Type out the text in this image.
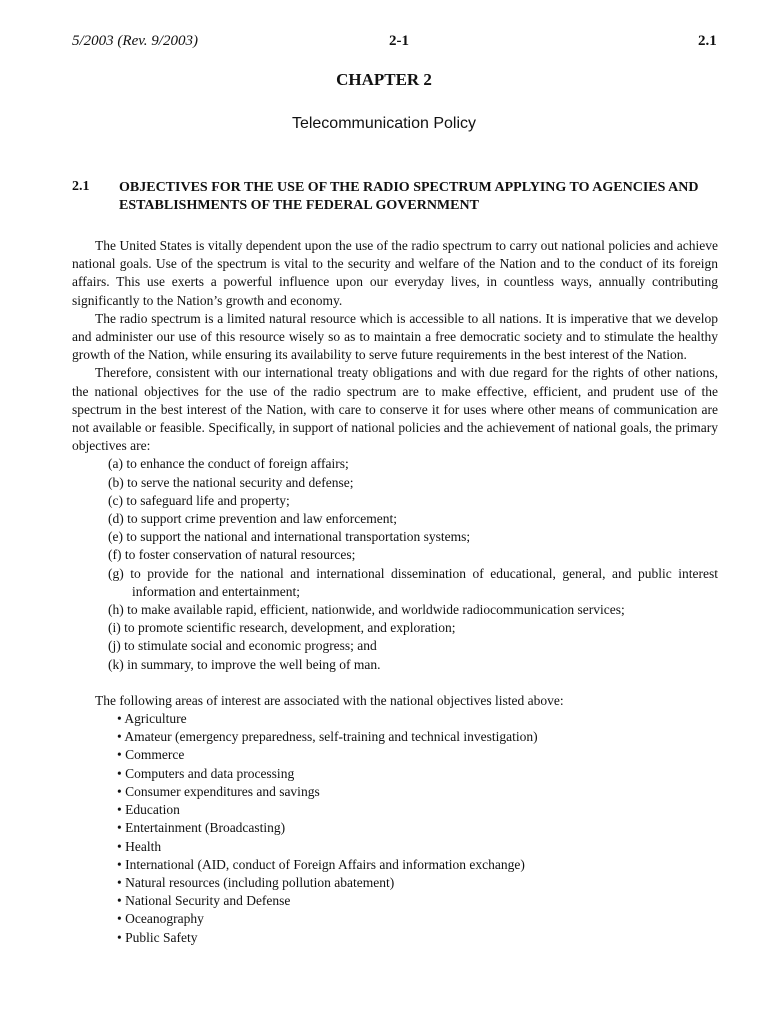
5/2003 (Rev. 9/2003)	2-1	2.1
CHAPTER 2
Telecommunication Policy
2.1 OBJECTIVES FOR THE USE OF THE RADIO SPECTRUM APPLYING TO AGENCIES AND ESTABLISHMENTS OF THE FEDERAL GOVERNMENT

The United States is vitally dependent upon the use of the radio spectrum to carry out national policies and achieve national goals. Use of the spectrum is vital to the security and welfare of the Nation and to the conduct of its foreign affairs. This use exerts a powerful influence upon our everyday lives, in countless ways, annually contributing significantly to the Nation’s growth and economy.

The radio spectrum is a limited natural resource which is accessible to all nations. It is imperative that we develop and administer our use of this resource wisely so as to maintain a free democratic society and to stimulate the healthy growth of the Nation, while ensuring its availability to serve future requirements in the best interest of the Nation.

Therefore, consistent with our international treaty obligations and with due regard for the rights of other nations, the national objectives for the use of the radio spectrum are to make effective, efficient, and prudent use of the spectrum in the best interest of the Nation, with care to conserve it for uses where other means of communication are not available or feasible. Specifically, in support of national policies and the achievement of national goals, the primary objectives are:

(a) to enhance the conduct of foreign affairs;
(b) to serve the national security and defense;
(c) to safeguard life and property;
(d) to support crime prevention and law enforcement;
(e) to support the national and international transportation systems;
(f) to foster conservation of natural resources;
(g) to provide for the national and international dissemination of educational, general, and public interest information and entertainment;
(h) to make available rapid, efficient, nationwide, and worldwide radiocommunication services;
(i) to promote scientific research, development, and exploration;
(j) to stimulate social and economic progress; and
(k) in summary, to improve the well being of man.

The following areas of interest are associated with the national objectives listed above:

• Agriculture
• Amateur (emergency preparedness, self-training and technical investigation)
• Commerce
• Computers and data processing
• Consumer expenditures and savings
• Education
• Entertainment (Broadcasting)
• Health
• International (AID, conduct of Foreign Affairs and information exchange)
• Natural resources (including pollution abatement)
• National Security and Defense
• Oceanography
• Public Safety
